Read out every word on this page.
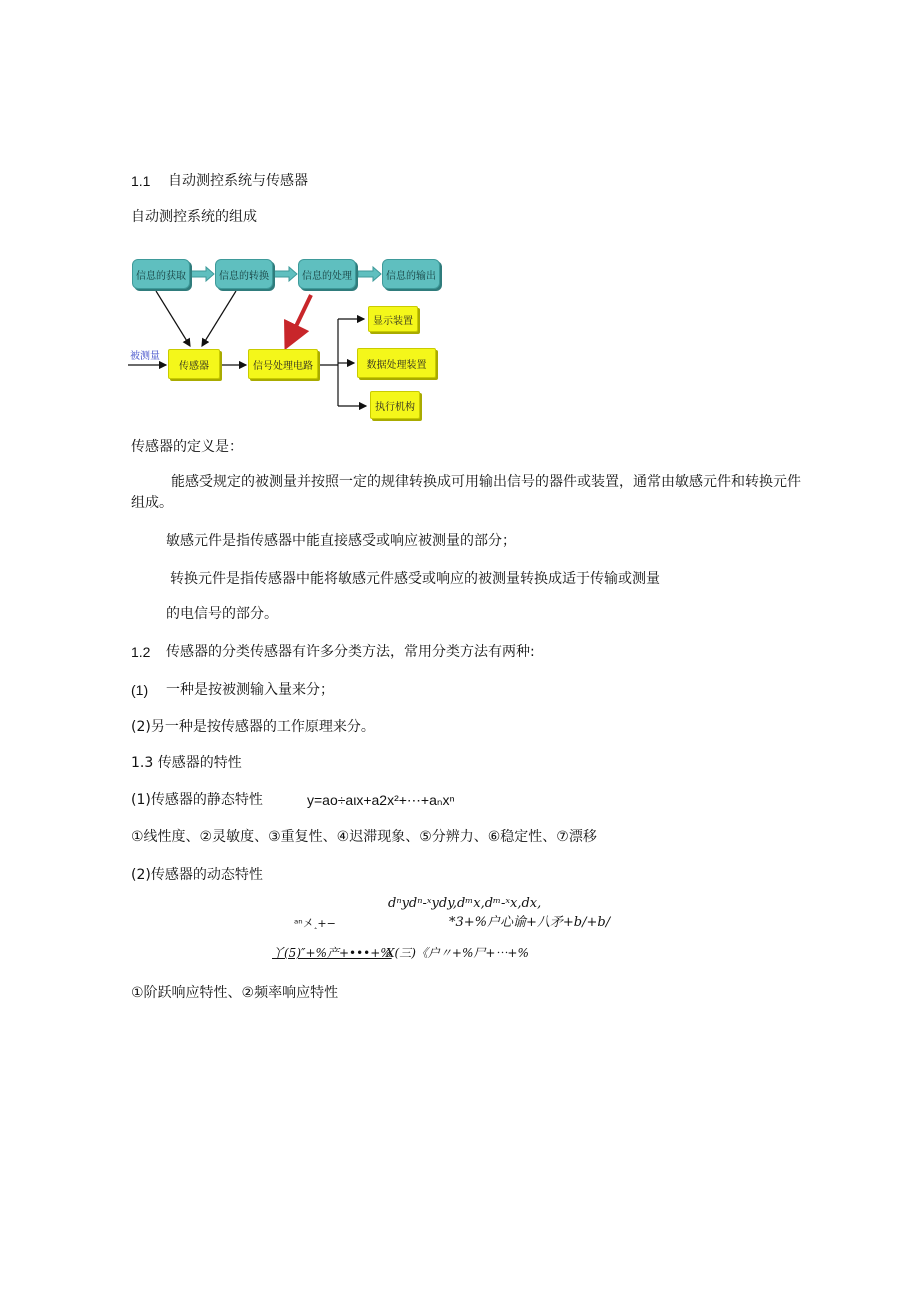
1.1 自动测控系统与传感器
自动测控系统的组成
信息的获取	信息的转换	信息的处理	信息的输出
被测量
传感器	信号处理电路
显示装置
数据处理装置
执行机构
传感器的定义是：
能感受规定的被测量并按照一定的规律转换成可用输出信号的器件或装置，通常由敏感元件和转换元件组成。
敏感元件是指传感器中能直接感受或响应被测量的部分；
转换元件是指传感器中能将敏感元件感受或响应的被测量转换成适于传输或测量
的电信号的部分。
1.2 传感器的分类传感器有许多分类方法，常用分类方法有两种:
(1) 一种是按被测输入量来分；
(2)另一种是按传感器的工作原理来分。
1.3 传感器的特性
(1)传感器的静态特性	y=ao÷aιx+a2x²+⋯+aₙxⁿ
①线性度、②灵敏度、③重复性、④迟滞现象、⑤分辨力、⑥稳定性、⑦漂移
(2)传感器的动态特性
dⁿydⁿ-ˣydy,dᵐx,dᵐ-ˣx,dx,
ᵃⁿ㐅˰+−	*3+%户心谕+八矛+b/+b/
丫(5)″+%产+•••+%
X(三)《户〃+%尸+⋯+%
①阶跃响应特性、②频率响应特性
